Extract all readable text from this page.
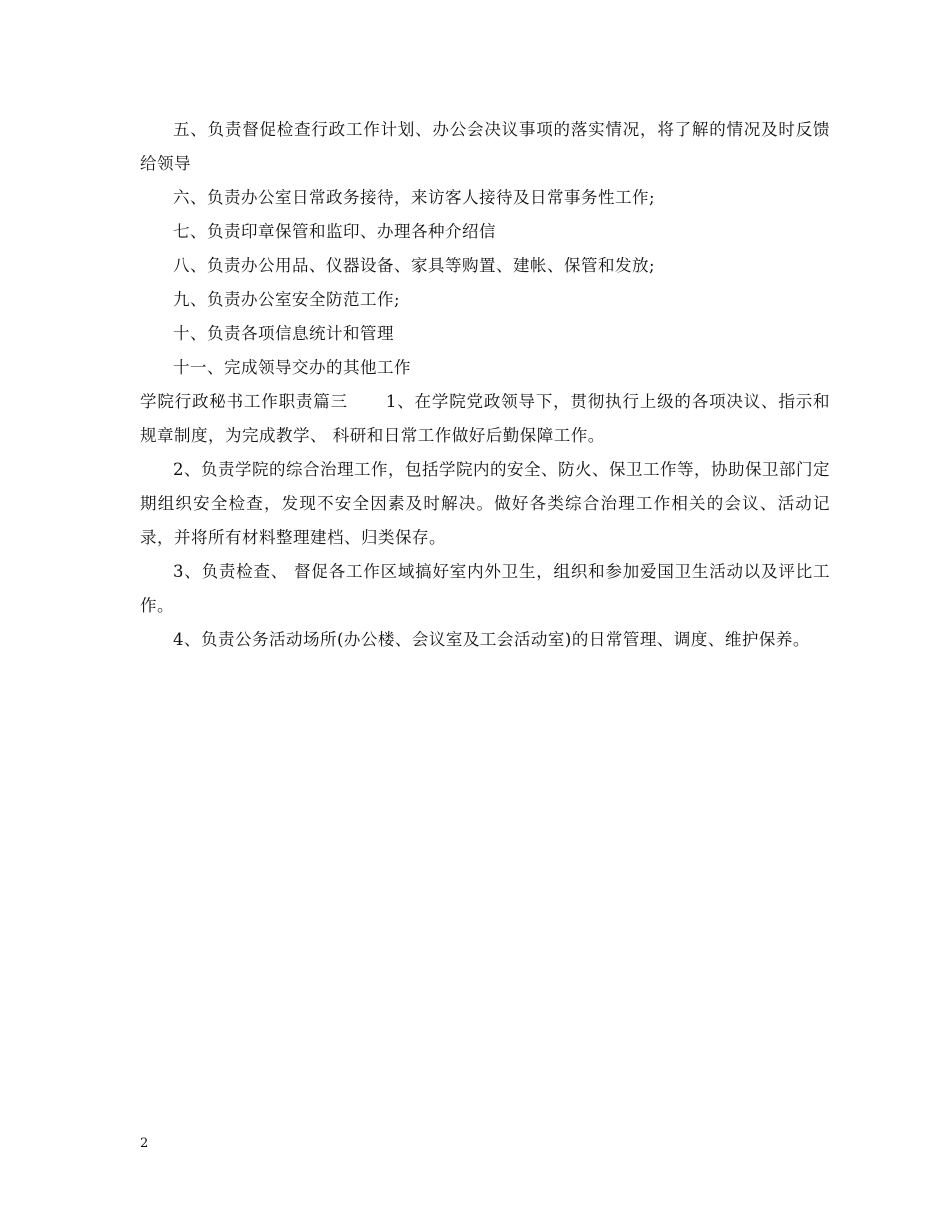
五、负责督促检查行政工作计划、办公会决议事项的落实情况，将了解的情况及时反馈给领导

六、负责办公室日常政务接待，来访客人接待及日常事务性工作;

七、负责印章保管和监印、办理各种介绍信

八、负责办公用品、仪器设备、家具等购置、建帐、保管和发放;

九、负责办公室安全防范工作;

十、负责各项信息统计和管理

十一、完成领导交办的其他工作

学院行政秘书工作职责篇三 1、在学院党政领导下，贯彻执行上级的各项决议、指示和规章制度，为完成教学、 科研和日常工作做好后勤保障工作。

2、负责学院的综合治理工作，包括学院内的安全、防火、保卫工作等，协助保卫部门定期组织安全检查，发现不安全因素及时解决。做好各类综合治理工作相关的会议、活动记录，并将所有材料整理建档、归类保存。

3、负责检查、 督促各工作区域搞好室内外卫生，组织和参加爱国卫生活动以及评比工作。

4、负责公务活动场所(办公楼、会议室及工会活动室)的日常管理、调度、维护保养。

2
